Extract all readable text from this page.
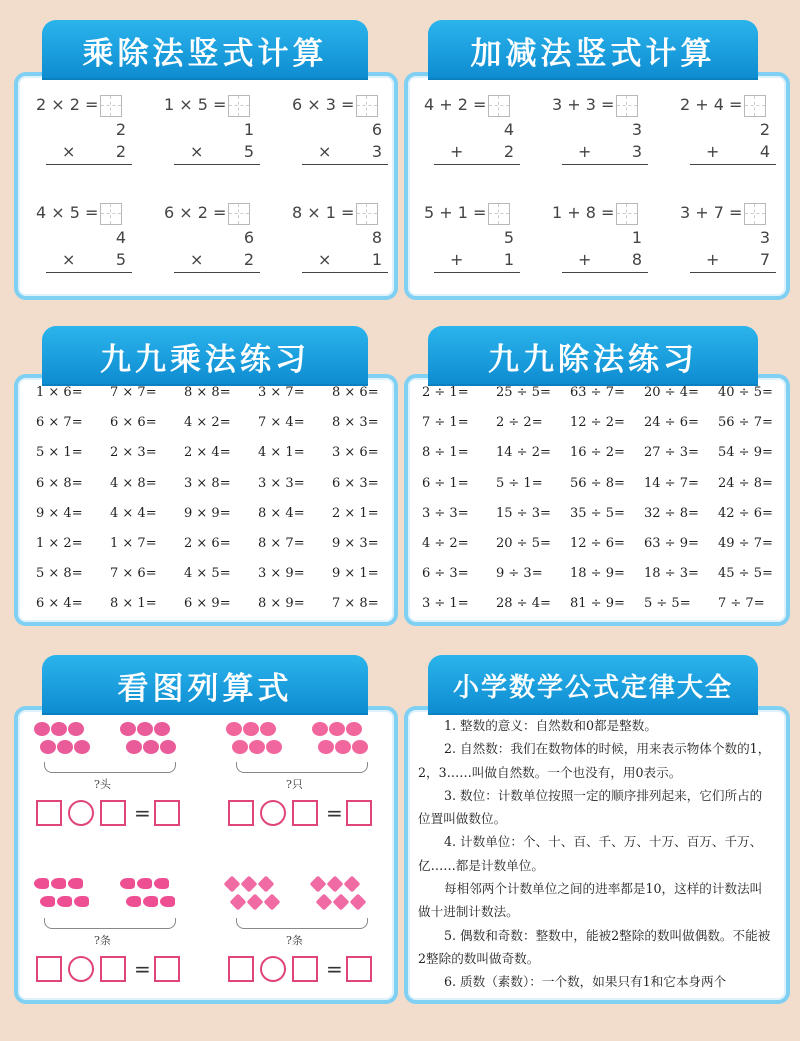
乘除法竖式计算
2 × 2 =
2
×	2
1 × 5 =
1
×	5
6 × 3 =
6
×	3
4 × 5 =
4
×	5
6 × 2 =
6
×	2
8 × 1 =
8
×	1
加减法竖式计算
4 + 2 =
4
+	2
3 + 3 =
3
+	3
2 + 4 =
2
+	4
5 + 1 =
5
+	1
1 + 8 =
1
+	8
3 + 7 =
3
+	7
九九乘法练习
1 × 6= 7 × 7= 8 × 8= 3 × 7= 8 × 6=
6 × 7= 6 × 6= 4 × 2= 7 × 4= 8 × 3=
5 × 1= 2 × 3= 2 × 4= 4 × 1= 3 × 6=
6 × 8= 4 × 8= 3 × 8= 3 × 3= 6 × 3=
9 × 4= 4 × 4= 9 × 9= 8 × 4= 2 × 1=
1 × 2= 1 × 7= 2 × 6= 8 × 7= 9 × 3=
5 × 8= 7 × 6= 4 × 5= 3 × 9= 9 × 1=
6 × 4= 8 × 1= 6 × 9= 8 × 9= 7 × 8=
九九除法练习
2 ÷ 1= 25 ÷ 5= 63 ÷ 7= 20 ÷ 4= 40 ÷ 5=
7 ÷ 1= 2 ÷ 2= 12 ÷ 2= 24 ÷ 6= 56 ÷ 7=
8 ÷ 1= 14 ÷ 2= 16 ÷ 2= 27 ÷ 3= 54 ÷ 9=
6 ÷ 1= 5 ÷ 1= 56 ÷ 8= 14 ÷ 7= 24 ÷ 8=
3 ÷ 3= 15 ÷ 3= 35 ÷ 5= 32 ÷ 8= 42 ÷ 6=
4 ÷ 2= 20 ÷ 5= 12 ÷ 6= 63 ÷ 9= 49 ÷ 7=
6 ÷ 3= 9 ÷ 3= 18 ÷ 9= 18 ÷ 3= 45 ÷ 5=
3 ÷ 1= 28 ÷ 4= 81 ÷ 9= 5 ÷ 5= 7 ÷ 7=
看图列算式
?头
=
?只
=
?条
=
?条
=
小学数学公式定律大全

1. 整数的意义：自然数和0都是整数。

2. 自然数：我们在数物体的时候，用来表示物体个数的1，2，3……叫做自然数。一个也没有，用0表示。

3. 数位：计数单位按照一定的顺序排列起来，它们所占的位置叫做数位。

4. 计数单位：个、十、百、千、万、十万、百万、千万、亿……都是计数单位。

每相邻两个计数单位之间的进率都是10，这样的计数法叫做十进制计数法。

5. 偶数和奇数：整数中，能被2整除的数叫做偶数。不能被2整除的数叫做奇数。

6. 质数（素数）：一个数，如果只有1和它本身两个
